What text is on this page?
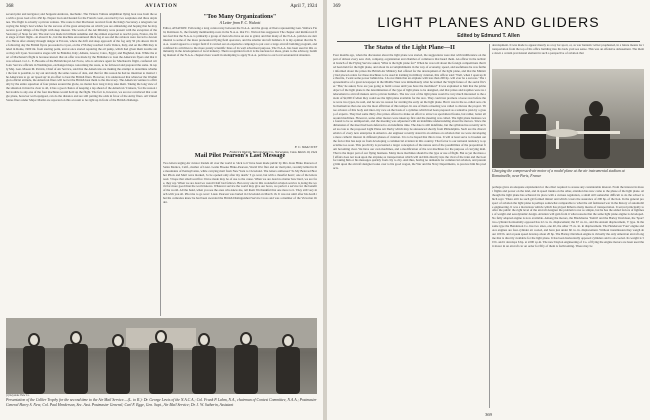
368	AVIATION	April 7, 1924
second pilot and navigator; and Sergeant Andrews, mechanic. The Vickers Vulture amphibian flying boat rose from the sea with a gross load of its 450 hp. Napier Lion and headed for the French coast, escorted by two seaplanes and three airplanes. The flight is actually a private venture. The route is that Macharen received from the King's Secretary a telegram conveying the King's best wishes for the success of the great enterprise on which you are embarking and hoping that he may receive good tidings of the flight with deep interest. The work of the Air Ministry were present with the exception of the Secretary of State for Air. The start was made in brilliant sunshine and the airmen expected to reach Lyons, France, the first stage of their flight—in about 6 hr., but the machine encountered thick fog at sea and the aviators were forced to descend to Havre after anxiety through danger at Evreux, where the drift and deep approach of the fog only 50 yds ahead. On the following day the British flyers proceeded to Lyon, on the 27th they reached Corfu Venice, Italy, and on the 28th they landed in Rome, 1900 mi. from starting point, and at once started repairing the oil pump, which had given them trouble since they left Lyon. Successive stages will be Brindisi, Italy; Athens, Greece; Cairo, Egypt; and Baghdad, Irak. While the start of Macharen's flight is because known that an offer was made by the Britishers to loan the American flyers and that it was refused. Col. L. E. Broome of the British Royal Air Force, who is advance agent for Macharen's flight, conferred with Air Service officials in Washington, exchanged maps concerning the route, to be followed and prepared the same. In reply Maj. Gen. Mason M. Patrick, Chief of Air Service, said that the Americans are making the attempt to determine whether the feat is possible, to lay out and study the same course of data, and that for this reason he had no intention to instruct the Americans to go on 'speed up' in an effort to beat the British fliers. However, it is understood that whatever the Washington official attitude, the American fliers will not let the British beat them to the discovery. The American venture is officially by the entire squadron of four planes around the globe, no matter how long it may take them. Taking the long view of the situation it must be clear to all, it has a good chance of keeping a lap ahead of the American 'Cruisers,' for the reason that trouble to any one of the four machines would hold up the flight. The fact is, however, we are not convinced that a single plane, however well equipped, can do the distance and are still putting the odds in favor of the Army fliers. All United States fliers under Major Martin are reported on this account to be right up in front of the British challenge.
"Too Many Organizations"
A Letter from F. C. Walcott
Editor, AVIATION: Following a long controversy between the N.A.A. and the group of fliers representing Gen. Wallace Field, Robinson Jr., the friendly membership roots in the N.A.A. that F.C. Walcott has suggested. The chapter and Reinforced fliers feel that the N.A.A. is primarily a group of men who have an axe to grind, and that many of the N.A.A. policies are detrimental to some of the more pronounced flying field operators, and the smaller aircraft builders. It is my opinion that the N.A.A. would appeal to a larger field if it carried out an expensive campaign to put over a large aircraft building program, and confined its activities to the more purely scientific lines of its well advertised purpose. The N.A.A. has been used in this community in the development of local industry. Their recognition from it is the nucleus for ideas, plans to the advisory, building manual of the N.A.A. chapters here would in attempting to apply N.A.A. policies to our local aeronautical situation.
F. C. WALCOTT
Frederick Walcott, Walcott-Lane Co., Norwegian, Conn. March 19, 1924
Mail Pilot Pearson's Last Message
Two letters urging Air aviator friends all over the world to 'stick to it' have been made public by Mrs. Kate Hirko Pearson of Santa Monica, Calif., mother of Lieut. Leslie Brooke Hirko-Pearson, World War flier and air mail pilot, recently killed in the mountains of Pennsylvania, while carrying mail from New York to Cleveland. The letters addressed 'To My Beloved Brother Pilots and Men' were marked, 'to be opened only after my death.' 'I go west, but with a cheerful heart,' one of the letters read. 'I hope that small sacrifice I have made may be of use to the cause. When we are dead no matter how hard, we are free, they say. When we are dead we weren't half bad fellows. But every one in this wonderful aviation service is doing the world far more good than the world knows. Whatever service the world may give our bows, we perfect a service for the benefit of the world. All the hand, when you see the ones who knew me, tell them I'm thankful that one more to it. They still very much with you all. Pilot me to go west.' Lieut. Pearson was buried in Cleveland on March 16. It was not until after his death that his comrades knew he had been awarded the British Distinguished Service Cross and was a member of the Victorian Order.
(c) Keystone View Co.
Presentation of the Collier Trophy for the second time to the Air Mail Service.—(L. to R.): Dr. George Lewis of the N.A.C.A.; Col. Frank P. Lahm, N.A., chairman of Contest Committee, N.A.A.; Postmaster General Harry S. New; Col. Paul Henderson, Sec. Asst. Postmaster General; Carl F. Egge, Gen. Supt., Air Mail Service; Dr. J. W. Sutherin, Assistant
369
LIGHT PLANES AND GLIDERS
Edited by Edmund T. Allen
The Status of the Light Plane—II
Four months ago, when the discussion about the light plane was started, the suggestions were met with indifference on the part of almost every aero club, company, organization and chamber of commerce that heard them. An officer in the technical branch of the Flying Service asked, 'What is the light plane for?' When he was told about the foreign competitions that had been held for the light plane, and about its accomplishments in the way of economy, speed, and usefulness he was further informed about the prizes the British Air Ministry had offered for the development of the light plane, and that the Ministry had placed orders for these machines to be used in training in military aviation, this officer said: 'Well, when I open up the throttle, I want some power behind me. I do not think that an airplane with less than 200 hp. will ever be a success.' The representative of a great newspaper in the Middle West was immediately what he termed the 'bright future of the aerial flivver.' 'But,' he asked, 'how are you going to build a nose until you have the machines?' It was explained to him that the prime object of the light plane is the determination of the type of light plane to be designed, and that prizes and trophies were no inducement to aircraft makers and to private builders. The low cost of the light plane would be very much interested to the extent of $2,000 if when they could see the light plane available for the race. They could not promote a loose race before there were two types, he said, and he saw no reason for starting the early on the light plane. But it was in the so-called aero clubs themselves that one saw the most affliction of this temper. In one of them a meeting was called to discuss the project. Three aviators of this body and inter-city race on the basis of a syllabus which had been prepared as a tentative plan by a group of experts. They had some thirty-five prizes offered to make an effort to attract as specialized freaks, but rather, better all around machines. However, some other motors were taken up first and the meeting was called. The light plane business was found to be so unimportant, and the meeting was adjourned with an indefinite understanding about the motors. Since the dimension of the meet had been deferred to an indefinite time. The date is still indefinite, but the syllabus has recently arrived too late to the proposed Light Plane Air Derby which may be announced shortly from Philadelphia. Such are the characteristics of every new enterprise in America. An engineer recently stated in an address on aviation that we were developing a more catholic interest in different phases of aviation. It is to be hoped that this is true. It will at least serve to broaden out the factor that has kept us from developing a commercial aviation in this country. That factor is our national tendency to specialize too soon. This proclivity is prevented a larger conception of the nature and of the possibilities of the proposition from becoming clear. We have our own machines, and a modification of the war machines for the purpose of carrying mail. That is the major part of our flying business. Many more machines should be the type or use of flight. But as yet the mass of affairs does not look upon the airplane as transportation which will aid him directly into the rival of the train and the boat for taking him or his messages quickly from city to city. And thus, having no demands for commercial aviation, and pressing him upon the aircraft designer looks over to his good wagon, the War and the Navy Departments, to procure him his products.
development. It was made to appear merely as a toy for sport, or, as war fantastic writer prophesied, in a future means for transportation from the top of his office building into his back yard sea sense. This was an offensive debasement. The theme down a certain provisional element in such a perspective of aviation that
Charging the compressed-air motor of a model plane at the air instrumental stadium at Romainville, near Paris, France
perhaps gives an adequate explanation for the effort required to arouse any considerable interest. From the interest in motor flights and power on the land, and in speed trunks on the other, attention has now come to the phase of the light plane. Although the light plane has achieved its place with a curious regulation, a small still somewhat difficult to do the school which says: 'There ain't no such girl formed minus' and which covers the assurance of 200 hp. of the lion. In the general prospect of aviation the light plane is perhaps somewhat comparable to what the old fashioned war in the history of automobile engineering. It was a marvelous vehicle which has played hitherto many means of transportation. It served principally to offer the public the right level of the aircraft designer the problem is not so simple, but he has the added factors of lightness of weight and aerodynamic design. Aviation will gain from it what reasons that the same light plane engine is developed. No fully adapted engine is now available. Among the motors, the Blackburne 'Tomtit' and the Harley Davidson, the 'Sport' two-cylinder horizontally opposed has 22 cu. in. displacement; the 67 cu. in., and the Anzani displacement, V type. In the same type the Henderson Co. has two sizes, one 40, the other 73 cu. in. in displacement. The Henderson 'Four' engine and Ace engines are four-cylinder air cooled, and have just under 60 cu. in. displacement. Without transmission they weigh about 100 lb. and at peak speed develop about 20 hp. The Harley-Davidson engine is virtually the only American aircraft engine that is directly available for the light plane. It has been horizontally opposed cylinders and is air-cooled. Its weight is 50 lb. and it develops 6 hp. at 2200 r.p.m. The new Dayton engineering of Co. of flying the engine motors are been used their motor in an aircraft car on order for fifty of them is forthcoming. There may be
369
